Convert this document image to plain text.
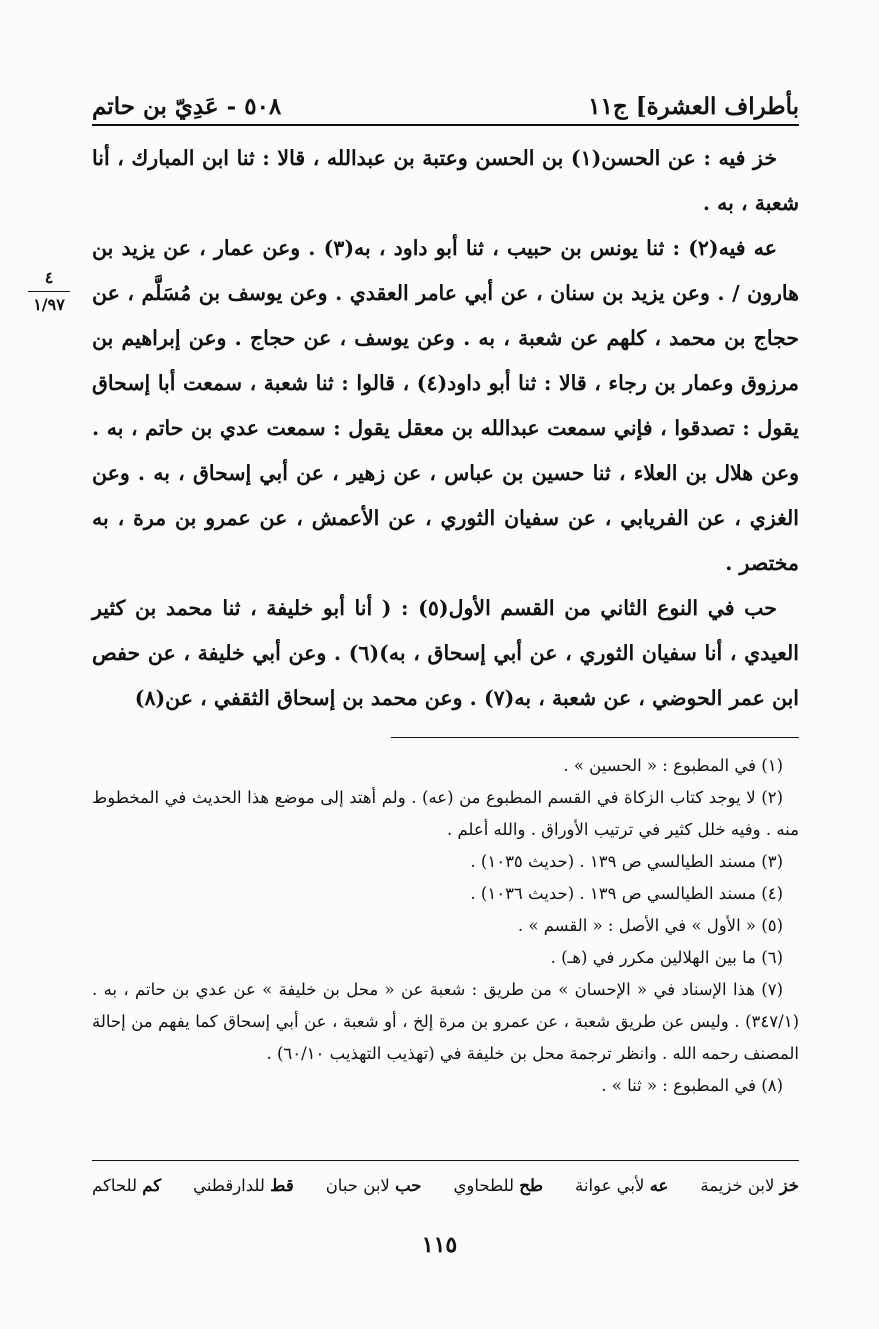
بأطراف العشرة] ج١١
٥٠٨ - عَدِيّ بن حاتم
٤
١/٩٧

خز فيه : عن الحسن(١) بن الحسن وعتبة بن عبدالله ، قالا : ثنا ابن المبارك ، أنا شعبة ، به .

عه فيه(٢) : ثنا يونس بن حبيب ، ثنا أبو داود ، به(٣) . وعن عمار ، عن يزيد بن هارون / . وعن يزيد بن سنان ، عن أبي عامر العقدي . وعن يوسف بن مُسَلَّم ، عن حجاج بن محمد ، كلهم عن شعبة ، به . وعن يوسف ، عن حجاج . وعن إبراهيم بن مرزوق وعمار بن رجاء ، قالا : ثنا أبو داود(٤) ، قالوا : ثنا شعبة ، سمعت أبا إسحاق يقول : تصدقوا ، فإني سمعت عبدالله بن معقل يقول : سمعت عدي بن حاتم ، به . وعن هلال بن العلاء ، ثنا حسين بن عباس ، عن زهير ، عن أبي إسحاق ، به . وعن الغزي ، عن الفريابي ، عن سفيان الثوري ، عن الأعمش ، عن عمرو بن مرة ، به مختصر .

حب في النوع الثاني من القسم الأول(٥) : ( أنا أبو خليفة ، ثنا محمد بن كثير العيدي ، أنا سفيان الثوري ، عن أبي إسحاق ، به)(٦) . وعن أبي خليفة ، عن حفص ابن عمر الحوضي ، عن شعبة ، به(٧) . وعن محمد بن إسحاق الثقفي ، عن(٨)

(١) في المطبوع : « الحسين » .

(٢) لا يوجد كتاب الزكاة في القسم المطبوع من (عه) . ولم أهتد إلى موضع هذا الحديث في المخطوط منه . وفيه خلل كثير في ترتيب الأوراق . والله أعلم .

(٣) مسند الطيالسي ص ١٣٩ . (حديث ١٠٣٥) .

(٤) مسند الطيالسي ص ١٣٩ . (حديث ١٠٣٦) .

(٥) « الأول » في الأصل : « القسم » .

(٦) ما بين الهلالين مكرر في (هـ) .

(٧) هذا الإسناد في « الإحسان » من طريق : شعبة عن « محل بن خليفة » عن عدي بن حاتم ، به . (٣٤٧/١) . وليس عن طريق شعبة ، عن عمرو بن مرة إلخ ، أو شعبة ، عن أبي إسحاق كما يفهم من إحالة المصنف رحمه الله . وانظر ترجمة محل بن خليفة في (تهذيب التهذيب ٦٠/١٠) .

(٨) في المطبوع : « ثنا » .

خز لابن خزيمة
عه لأبي عوانة
طح للطحاوي
حب لابن حبان
قط للدارقطني
كم للحاكم
١١٥
